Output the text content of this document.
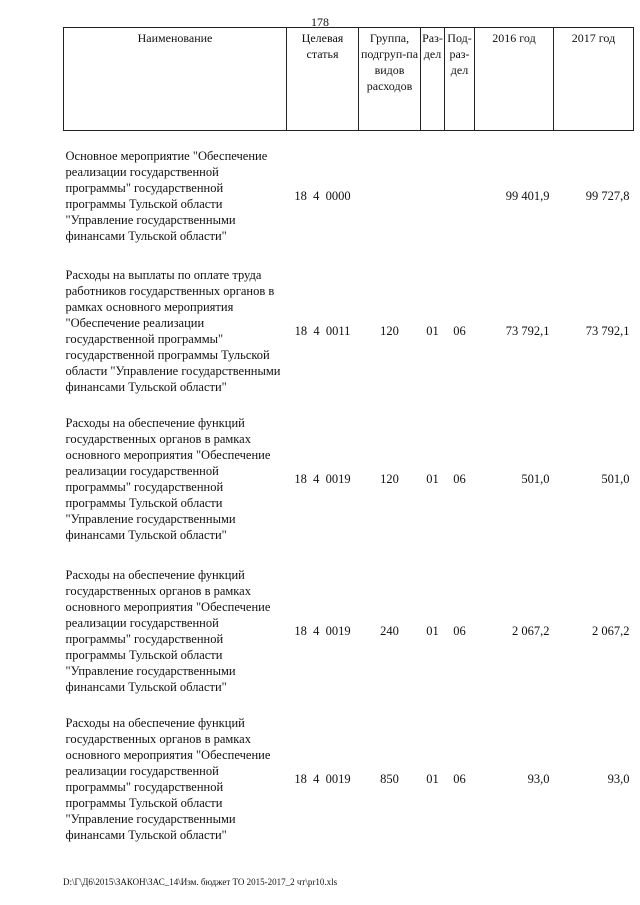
178
Наименование	Целевая статья	Группа, подгруп-па видов расходов	Раз-дел	Под-раз-дел	2016 год	2017 год

Основное мероприятие "Обеспечение реализации государственной программы" государственной программы Тульской области "Управление государственными финансами Тульской области"	18  4  0000				99 401,9	99 727,8

Расходы на выплаты по оплате труда работников государственных органов в рамках основного мероприятия "Обеспечение реализации государственной программы" государственной программы Тульской области "Управление государственными финансами Тульской области"	18  4  0011	120	01	06	73 792,1	73 792,1

Расходы на обеспечение функций государственных органов в рамках основного мероприятия "Обеспечение реализации государственной программы" государственной программы Тульской области "Управление государственными финансами Тульской области"	18  4  0019	120	01	06	501,0	501,0

Расходы на обеспечение функций государственных органов в рамках основного мероприятия "Обеспечение реализации государственной программы" государственной программы Тульской области "Управление государственными финансами Тульской области"	18  4  0019	240	01	06	2 067,2	2 067,2

Расходы на обеспечение функций государственных органов в рамках основного мероприятия "Обеспечение реализации государственной программы" государственной программы Тульской области "Управление государственными финансами Тульской области"	18  4  0019	850	01	06	93,0	93,0
D:\Г\Д6\2015\ЗАКОН\ЗАС_14\Изм. бюджет ТО 2015-2017_2 чт\pr10.xls
